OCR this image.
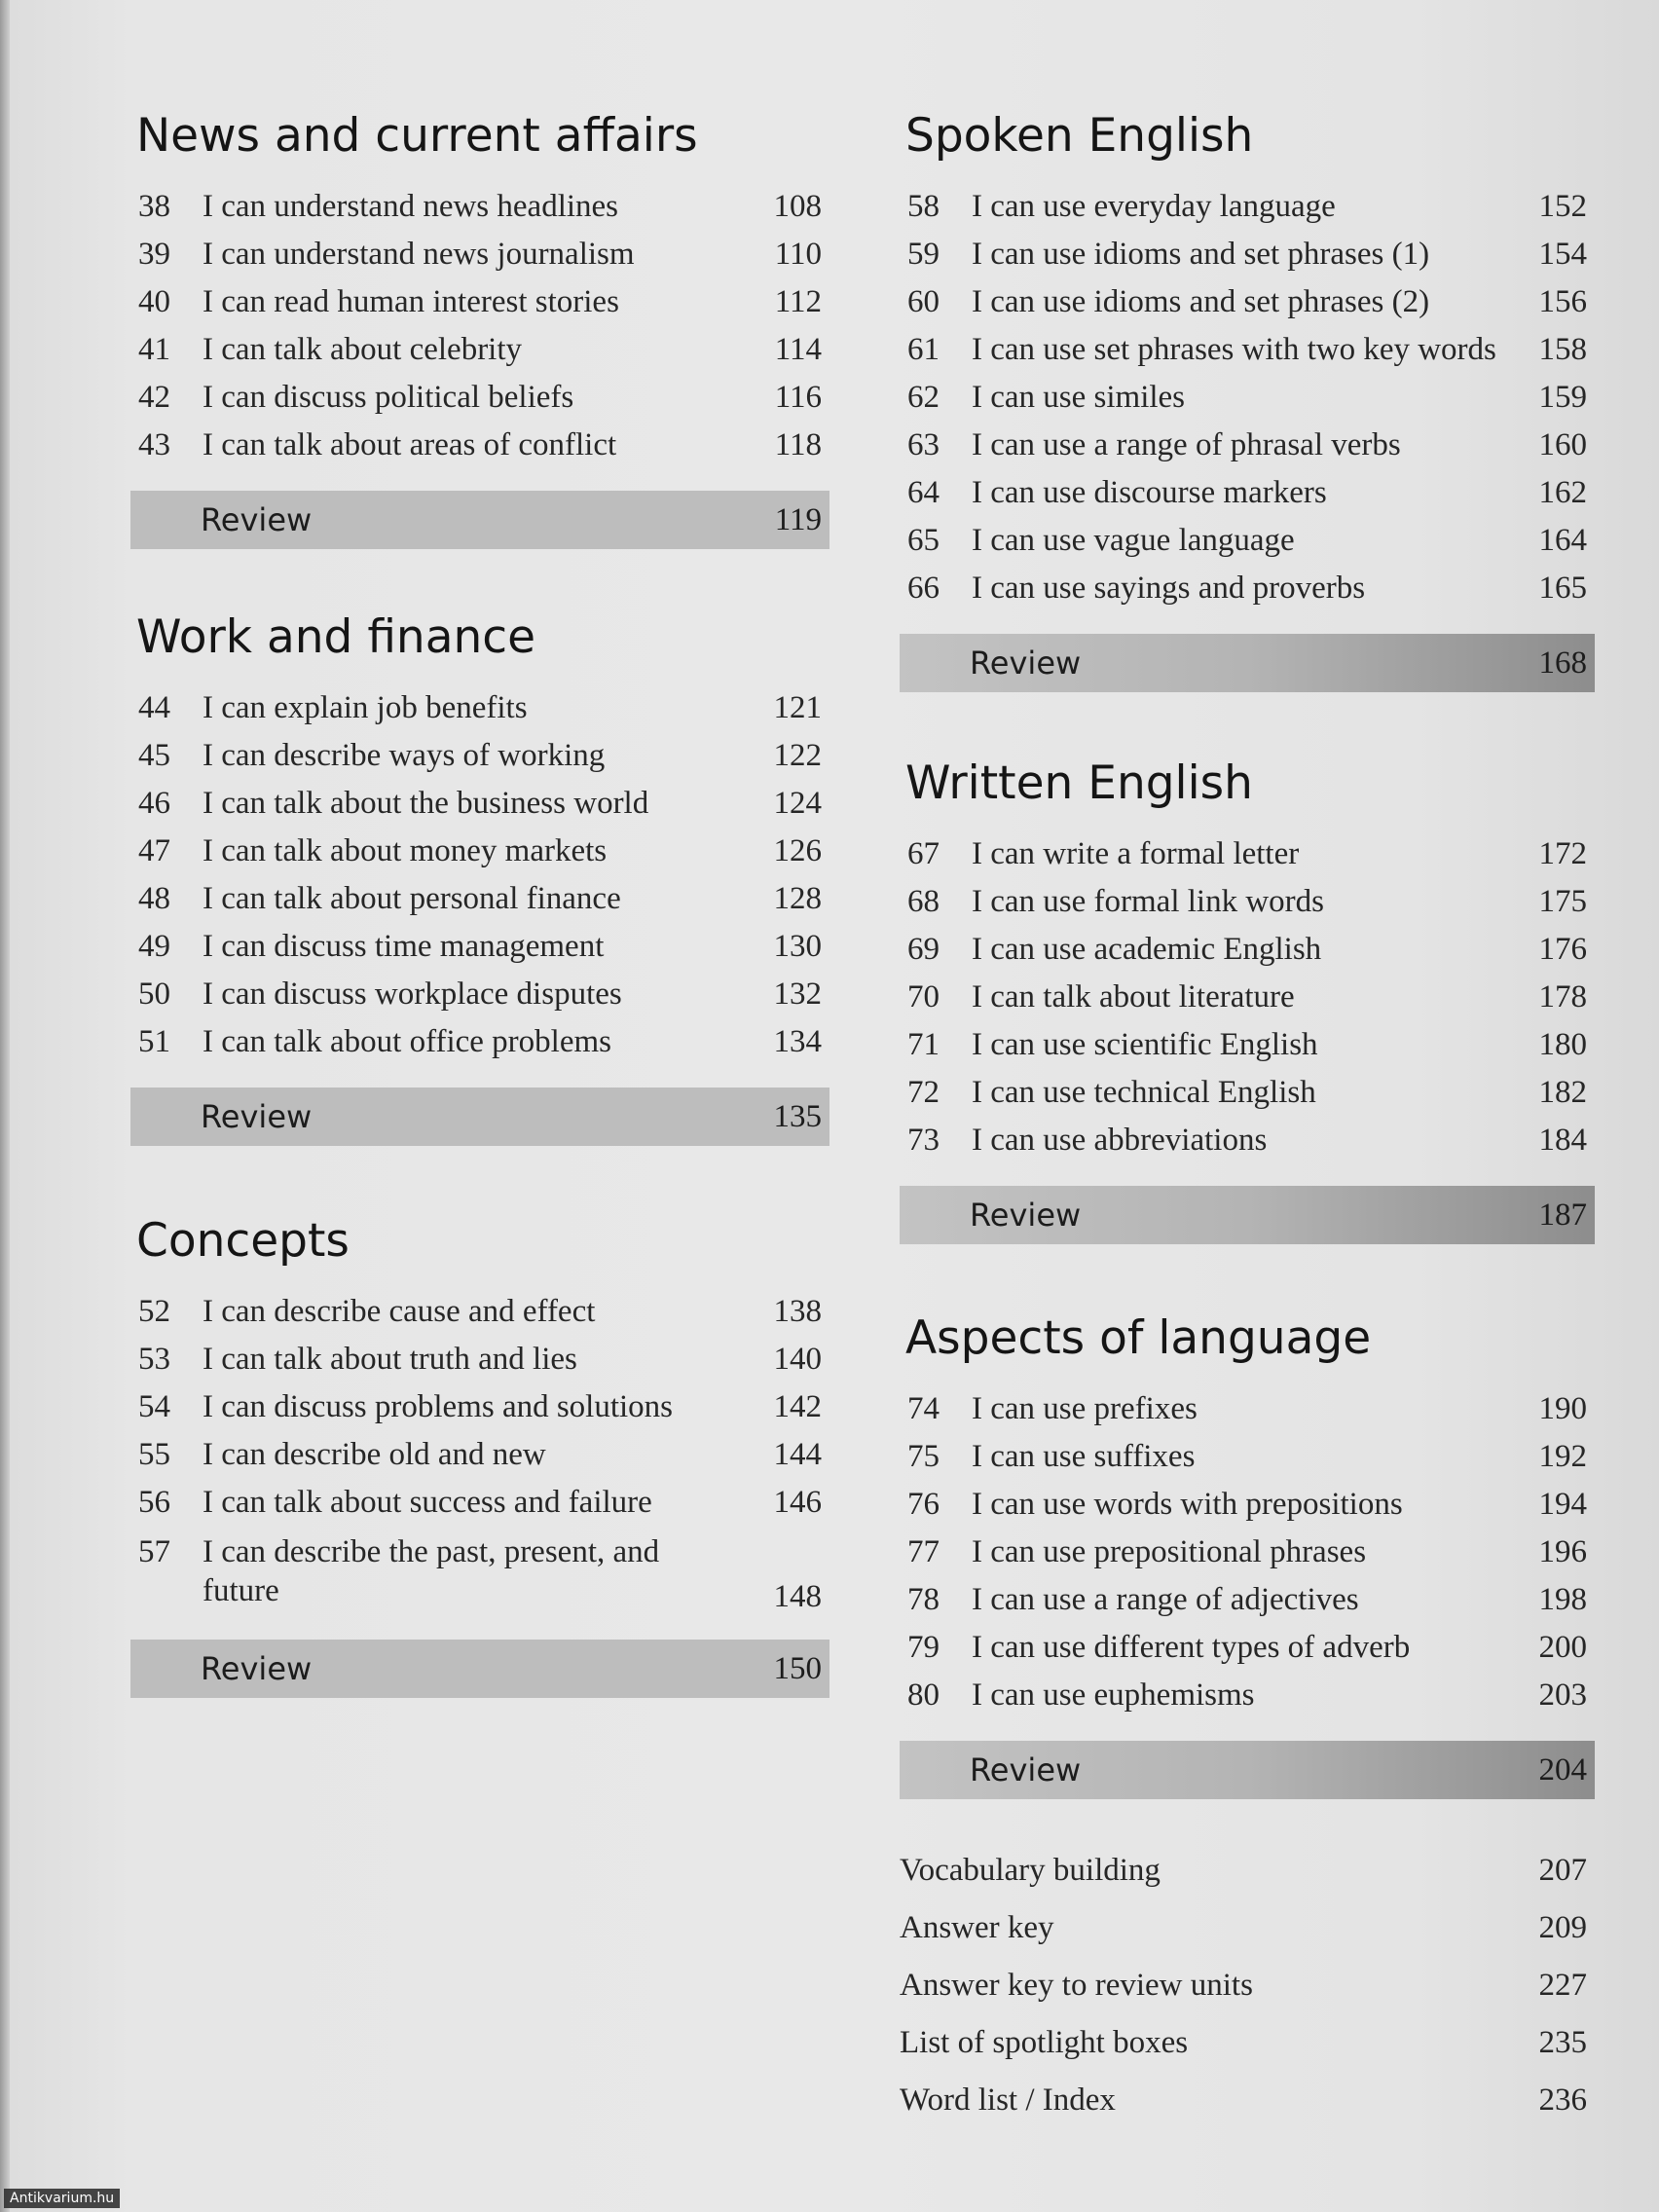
News and current affairs
38	I can understand news headlines	108
39	I can understand news journalism	110
40	I can read human interest stories	112
41	I can talk about celebrity	114
42	I can discuss political beliefs	116
43	I can talk about areas of conflict	118
Review	119
Work and finance
44	I can explain job benefits	121
45	I can describe ways of working	122
46	I can talk about the business world	124
47	I can talk about money markets	126
48	I can talk about personal finance	128
49	I can discuss time management	130
50	I can discuss workplace disputes	132
51	I can talk about office problems	134
Review	135
Concepts
52	I can describe cause and effect	138
53	I can talk about truth and lies	140
54	I can discuss problems and solutions	142
55	I can describe old and new	144
56	I can talk about success and failure	146
57	I can describe the past, present, and future	148
Review	150
Spoken English
58	I can use everyday language	152
59	I can use idioms and set phrases (1)	154
60	I can use idioms and set phrases (2)	156
61	I can use set phrases with two key words	158
62	I can use similes	159
63	I can use a range of phrasal verbs	160
64	I can use discourse markers	162
65	I can use vague language	164
66	I can use sayings and proverbs	165
Review	168
Written English
67	I can write a formal letter	172
68	I can use formal link words	175
69	I can use academic English	176
70	I can talk about literature	178
71	I can use scientific English	180
72	I can use technical English	182
73	I can use abbreviations	184
Review	187
Aspects of language
74	I can use prefixes	190
75	I can use suffixes	192
76	I can use words with prepositions	194
77	I can use prepositional phrases	196
78	I can use a range of adjectives	198
79	I can use different types of adverb	200
80	I can use euphemisms	203
Review	204
Vocabulary building	207
Answer key	209
Answer key to review units	227
List of spotlight boxes	235
Word list / Index	236
Antikvarium.hu
